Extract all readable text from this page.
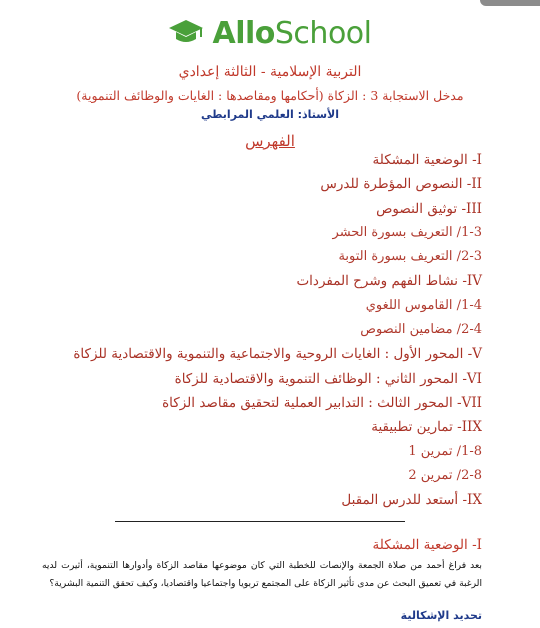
AlloSchool
التربية الإسلامية - الثالثة إعدادي
مدخل الاستجابة 3 : الزكاة (أحكامها ومقاصدها : الغايات والوظائف التنموية)
الأستاذ: العلمي المرابطي
الفهرس
I- الوضعية المشكلة
II- النصوص المؤطرة للدرس
III- توثيق النصوص
1-3/ التعريف بسورة الحشر
2-3/ التعريف بسورة التوبة
IV- نشاط الفهم وشرح المفردات
1-4/ القاموس اللغوي
2-4/ مضامين النصوص
V- المحور الأول : الغايات الروحية والاجتماعية والتنموية والاقتصادية للزكاة
VI- المحور الثاني : الوظائف التنموية والاقتصادية للزكاة
VII- المحور الثالث : التدابير العملية لتحقيق مقاصد الزكاة
IIX- تمارين تطبيقية
1-8/ تمرين 1
2-8/ تمرين 2
IX- أستعد للدرس المقبل
I- الوضعية المشكلة
بعد فراغ أحمد من صلاة الجمعة والإنصات للخطبة التي كان موضوعها مقاصد الزكاة وأدوارها التنموية، أثيرت لديه الرغبة في تعميق البحث عن مدى تأثير الزكاة على المجتمع تربويا واجتماعيا واقتصاديا، وكيف تحقق التنمية البشرية؟
تحديد الإشكالية
